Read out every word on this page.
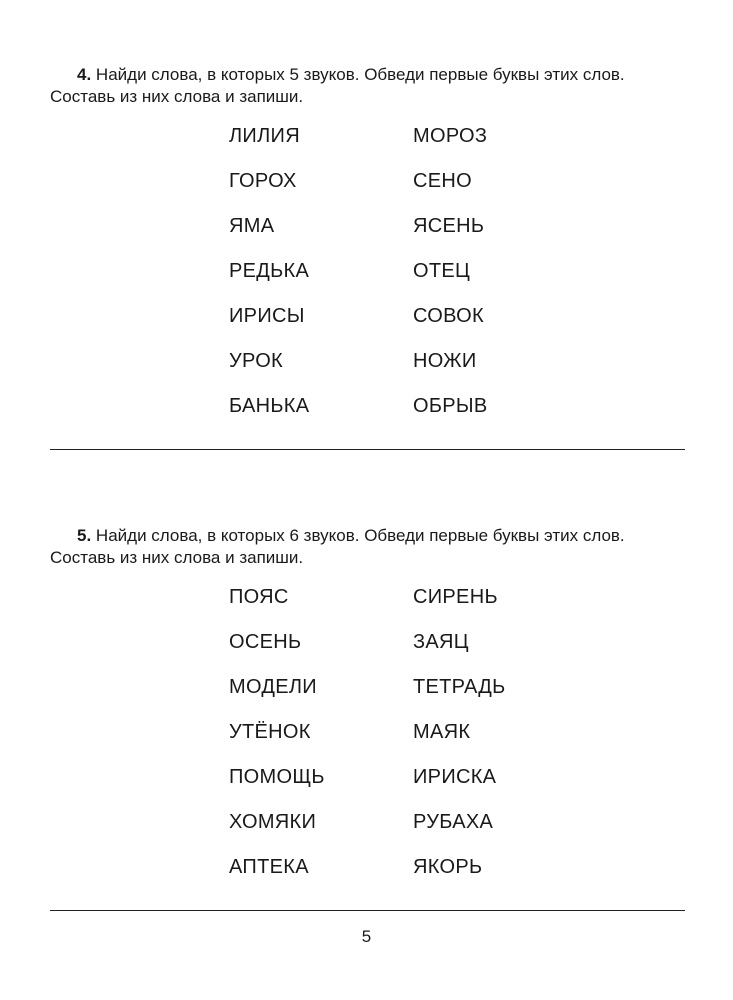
4. Найди слова, в которых 5 звуков. Обведи первые буквы этих слов.
Составь из них слова и запиши.

ЛИЛИЯ	МОРОЗ
ГОРОХ	СЕНО
ЯМА	ЯСЕНЬ
РЕДЬКА	ОТЕЦ
ИРИСЫ	СОВОК
УРОК	НОЖИ
БАНЬКА	ОБРЫВ

5. Найди слова, в которых 6 звуков. Обведи первые буквы этих слов.
Составь из них слова и запиши.

ПОЯС	СИРЕНЬ
ОСЕНЬ	ЗАЯЦ
МОДЕЛИ	ТЕТРАДЬ
УТЁНОК	МАЯК
ПОМОЩЬ	ИРИСКА
ХОМЯКИ	РУБАХА
АПТЕКА	ЯКОРЬ
5
